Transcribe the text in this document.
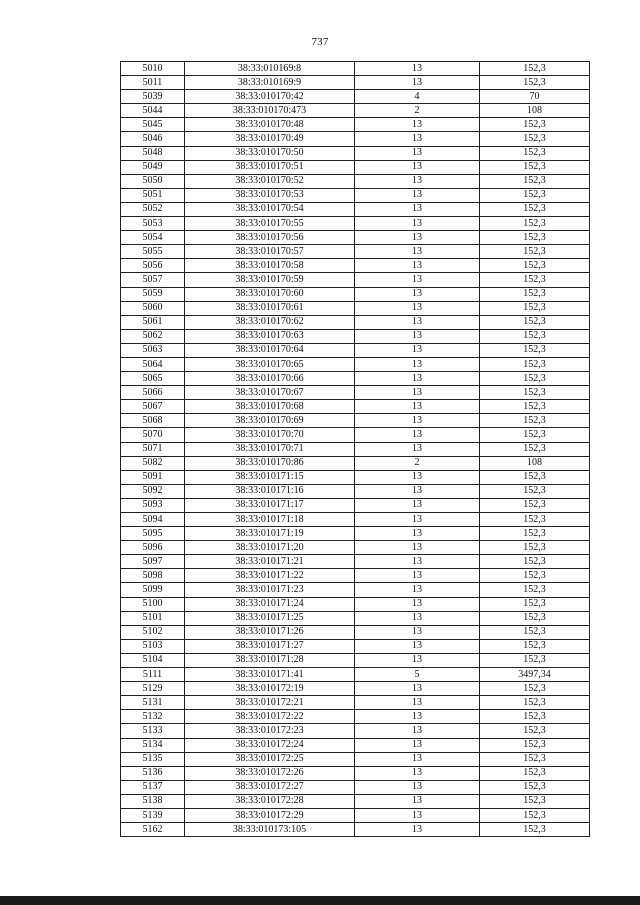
737
5010	38:33:010169:8	13	152,3
5011	38:33:010169:9	13	152,3
5039	38:33:010170:42	4	70
5044	38:33:010170:473	2	108
5045	38:33:010170:48	13	152,3
5046	38:33:010170:49	13	152,3
5048	38:33:010170:50	13	152,3
5049	38:33:010170:51	13	152,3
5050	38:33:010170:52	13	152,3
5051	38:33:010170:53	13	152,3
5052	38:33:010170:54	13	152,3
5053	38:33:010170:55	13	152,3
5054	38:33:010170:56	13	152,3
5055	38:33:010170:57	13	152,3
5056	38:33:010170:58	13	152,3
5057	38:33:010170:59	13	152,3
5059	38:33:010170:60	13	152,3
5060	38:33:010170:61	13	152,3
5061	38:33:010170:62	13	152,3
5062	38:33:010170:63	13	152,3
5063	38:33:010170:64	13	152,3
5064	38:33:010170:65	13	152,3
5065	38:33:010170:66	13	152,3
5066	38:33:010170:67	13	152,3
5067	38:33:010170:68	13	152,3
5068	38:33:010170:69	13	152,3
5070	38:33:010170:70	13	152,3
5071	38:33:010170:71	13	152,3
5082	38:33:010170:86	2	108
5091	38:33:010171:15	13	152,3
5092	38:33:010171:16	13	152,3
5093	38:33:010171:17	13	152,3
5094	38:33:010171:18	13	152,3
5095	38:33:010171:19	13	152,3
5096	38:33:010171:20	13	152,3
5097	38:33:010171:21	13	152,3
5098	38:33:010171:22	13	152,3
5099	38:33:010171:23	13	152,3
5100	38:33:010171:24	13	152,3
5101	38:33:010171:25	13	152,3
5102	38:33:010171:26	13	152,3
5103	38:33:010171:27	13	152,3
5104	38:33:010171:28	13	152,3
5111	38:33:010171:41	5	3497,34
5129	38:33:010172:19	13	152,3
5131	38:33:010172:21	13	152,3
5132	38:33:010172:22	13	152,3
5133	38:33:010172:23	13	152,3
5134	38:33:010172:24	13	152,3
5135	38:33:010172:25	13	152,3
5136	38:33:010172:26	13	152,3
5137	38:33:010172:27	13	152,3
5138	38:33:010172:28	13	152,3
5139	38:33:010172:29	13	152,3
5162	38:33:010173:105	13	152,3
